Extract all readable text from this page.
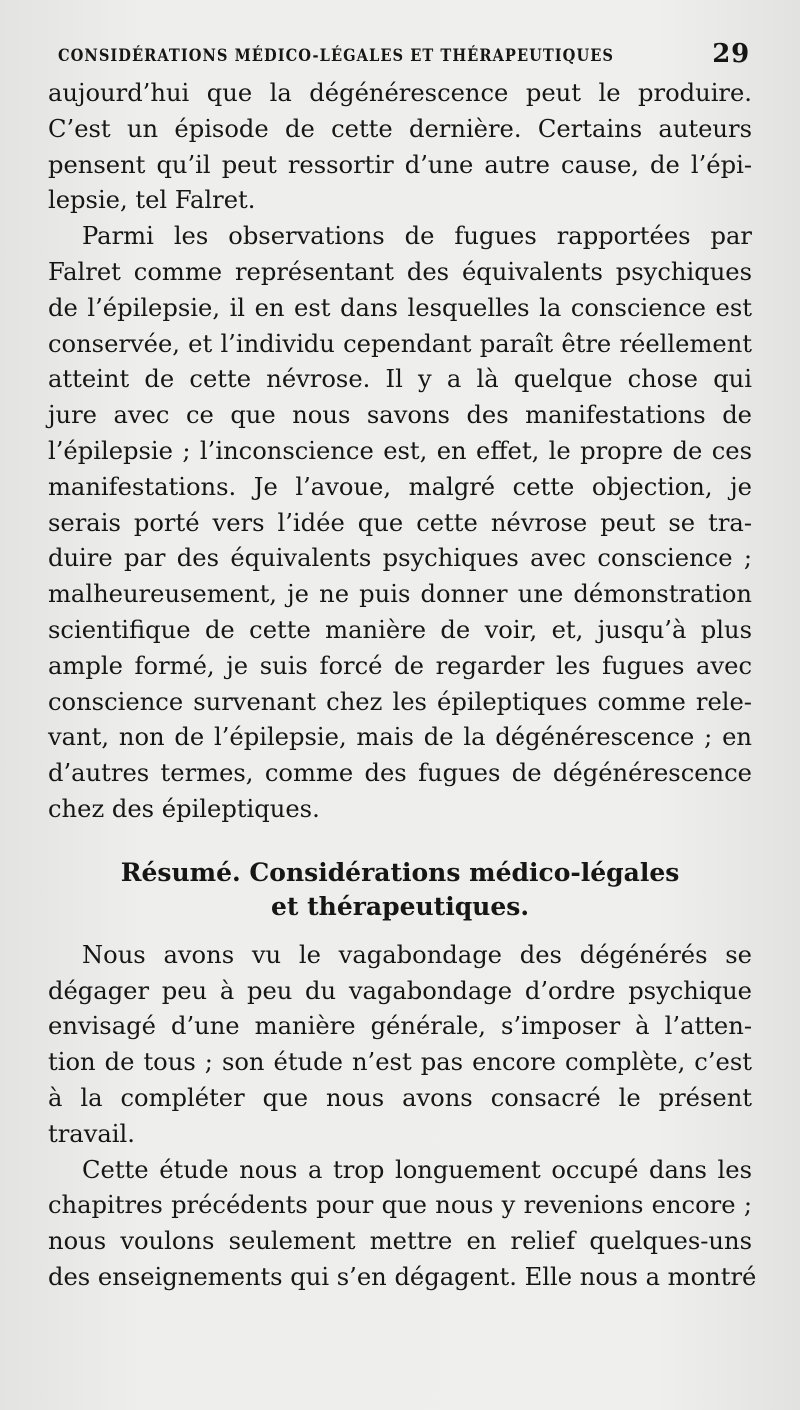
CONSIDÉRATIONS MÉDICO-LÉGALES ET THÉRAPEUTIQUES	29

aujourd’hui que la dégénérescence peut le produire.
C’est un épisode de cette dernière. Certains auteurs
pensent qu’il peut ressortir d’une autre cause, de l’épi-
lepsie, tel Falret.

Parmi les observations de fugues rapportées par
Falret comme représentant des équivalents psychiques
de l’épilepsie, il en est dans lesquelles la conscience est
conservée, et l’individu cependant paraît être réellement
atteint de cette névrose. Il y a là quelque chose qui
jure avec ce que nous savons des manifestations de
l’épilepsie ; l’inconscience est, en effet, le propre de ces
manifestations. Je l’avoue, malgré cette objection, je
serais porté vers l’idée que cette névrose peut se tra-
duire par des équivalents psychiques avec conscience ;
malheureusement, je ne puis donner une démonstration
scientifique de cette manière de voir, et, jusqu’à plus
ample formé, je suis forcé de regarder les fugues avec
conscience survenant chez les épileptiques comme rele-
vant, non de l’épilepsie, mais de la dégénérescence ; en
d’autres termes, comme des fugues de dégénérescence
chez des épileptiques.

Résumé. Considérations médico-légales
et thérapeutiques.

Nous avons vu le vagabondage des dégénérés se
dégager peu à peu du vagabondage d’ordre psychique
envisagé d’une manière générale, s’imposer à l’atten-
tion de tous ; son étude n’est pas encore complète, c’est
à la compléter que nous avons consacré le présent
travail.

Cette étude nous a trop longuement occupé dans les
chapitres précédents pour que nous y revenions encore ;
nous voulons seulement mettre en relief quelques-uns
des enseignements qui s’en dégagent. Elle nous a montré
